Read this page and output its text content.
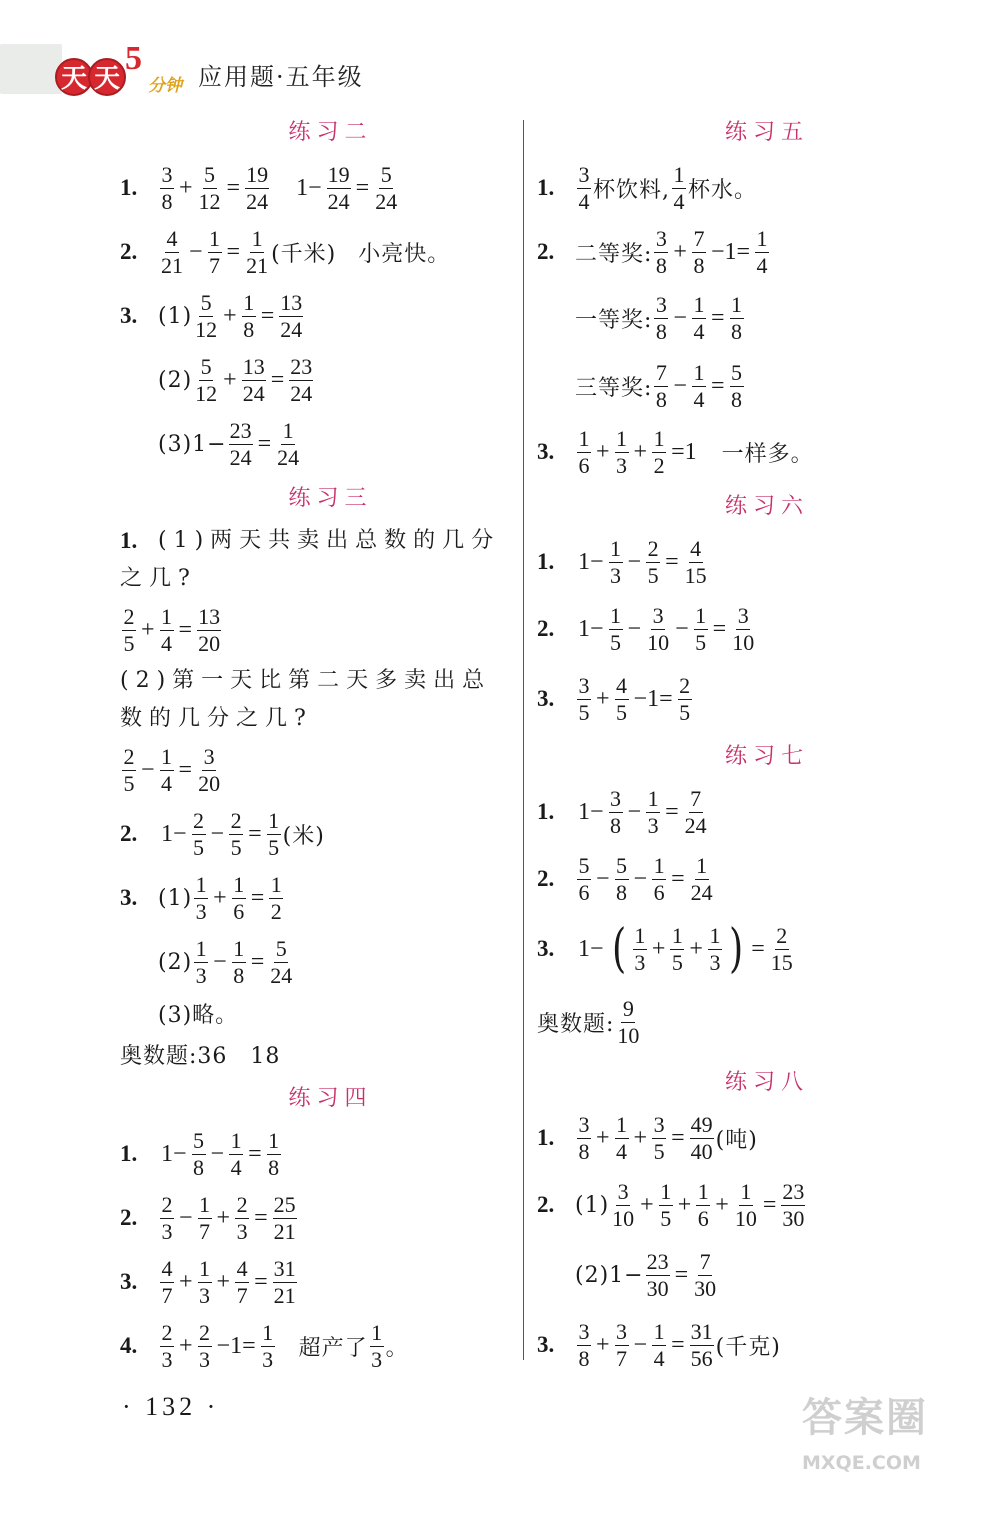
天 天
5
分钟 应用题·五年级
练习二
1.	$\frac{3}{8} + \frac{5}{12} = \frac{19}{24} 1- \frac{19}{24} = \frac{5}{24}$
2.	$\frac{4}{21} - \frac{1}{7} = \frac{1}{21}$ (千米) 小亮快。
3. $(1) \frac{5}{12} + \frac{1}{8} = \frac{13}{24}$
$(2) \frac{5}{12} + \frac{13}{24} = \frac{23}{24}$
$(3)1- \frac{23}{24} = \frac{1}{24}$
练习三
1. (1)两天共卖出总数的几分
之几?
$\frac{2}{5} + \frac{1}{4} = \frac{13}{20}$
(2)第一天比第二天多卖出总
数的几分之几?
$\frac{2}{5} - \frac{1}{4} = \frac{3}{20}$
2. $1- \frac{2}{5} - \frac{2}{5} = \frac{1}{5}$ (米)
3. $(1) \frac{1}{3} + \frac{1}{6} = \frac{1}{2}$
$(2) \frac{1}{3} - \frac{1}{8} = \frac{5}{24}$
(3)略。
奥数题:36　18
练习四
1. $1- \frac{5}{8} - \frac{1}{4} = \frac{1}{8}$
2.	$\frac{2}{3} - \frac{1}{7} + \frac{2}{3} = \frac{25}{21}$
3.	$\frac{4}{7} + \frac{1}{3} + \frac{4}{7} = \frac{31}{21}$
4.	$\frac{2}{3} + \frac{2}{3} -1= \frac{1}{3}$ 超产了 $\frac{1}{3}$ 。
练习五
1.	$\frac{3}{4}$ 杯饮料, $\frac{1}{4}$ 杯水。
2. 二等奖: $\frac{3}{8} + \frac{7}{8} -1= \frac{1}{4}$
一等奖: $\frac{3}{8} - \frac{1}{4} = \frac{1}{8}$
三等奖: $\frac{7}{8} - \frac{1}{4} = \frac{5}{8}$
3.	$\frac{1}{6} + \frac{1}{3} + \frac{1}{2} =1$ 一样多。
练习六
1. $1- \frac{1}{3} - \frac{2}{5} = \frac{4}{15}$
2. $1- \frac{1}{5} - \frac{3}{10} - \frac{1}{5} = \frac{3}{10}$
3.	$\frac{3}{5} + \frac{4}{5} -1= \frac{2}{5}$
练习七
1. $1- \frac{3}{8} - \frac{1}{3} = \frac{7}{24}$
2.	$\frac{5}{6} - \frac{5}{8} - \frac{1}{6} = \frac{1}{24}$
3. 1− ( $\frac{1}{3} + \frac{1}{5} + \frac{1}{3}$ ) = $\frac{2}{15}$
奥数题: $\frac{9}{10}$
练习八
1.	$\frac{3}{8} + \frac{1}{4} + \frac{3}{5} = \frac{49}{40}$ (吨)
2. $(1) \frac{3}{10} + \frac{1}{5} + \frac{1}{6} + \frac{1}{10} = \frac{23}{30}$
$(2)1- \frac{23}{30} = \frac{7}{30}$
3.	$\frac{3}{8} + \frac{3}{7} - \frac{1}{4} = \frac{31}{56}$ (千克)
· 132 ·	答案圈
MXQE.COM
